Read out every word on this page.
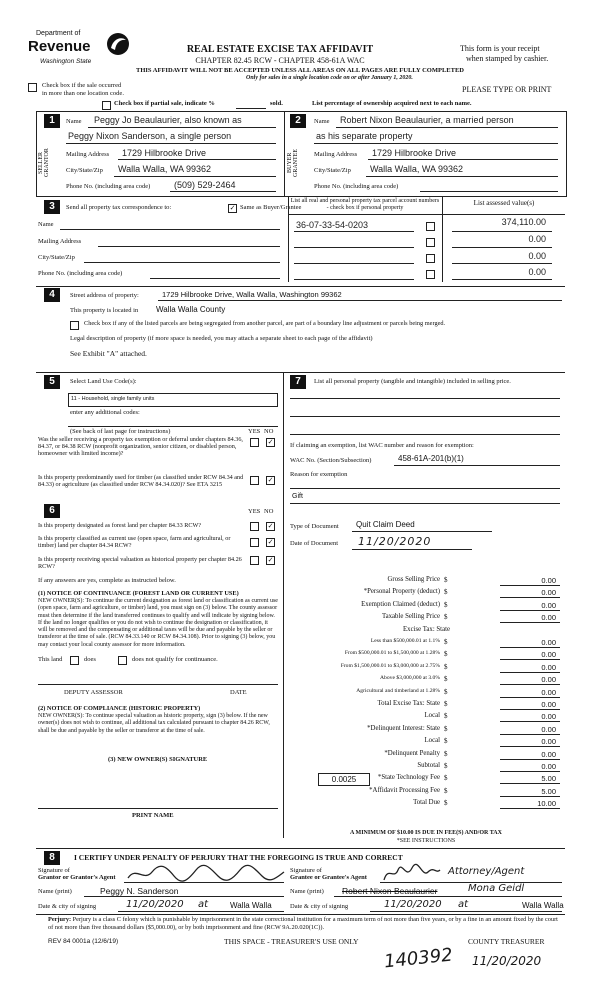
Department of
Revenue
Washington State
REAL ESTATE EXCISE TAX AFFIDAVIT
CHAPTER 82.45 RCW - CHAPTER 458-61A WAC
This form is your receipt
when stamped by cashier.
THIS AFFIDAVIT WILL NOT BE ACCEPTED UNLESS ALL AREAS ON ALL PAGES ARE FULLY COMPLETED
Only for sales in a single location code on or after January 1, 2020.
Check box if the sale occurred
in more than one location code.	PLEASE TYPE OR PRINT
Check box if partial sale, indicate %	sold.	List percentage of ownership acquired next to each name.
1
SELLER GRANTOR
Name Peggy Jo Beaulaurier, also known as
Peggy Nixon Sanderson, a single person
Mailing Address 1729 Hilbrooke Drive
City/State/Zip Walla Walla, WA 99362
Phone No. (including area code)	(509) 529-2464
2
BUYER GRANTEE
Name Robert Nixon Beaulaurier, a married person
as his separate property
Mailing Address 1729 Hilbrooke Drive
City/State/Zip Walla Walla, WA 99362
Phone No. (including area code)
3	Send all property tax correspondence to:	✓ Same as Buyer/Grantee
List all real and personal property tax parcel account numbers - check box if personal property
List assessed value(s)
Name
Mailing Address
City/State/Zip
Phone No. (including area code)
36-07-33-54-0203	374,110.00
0.00
0.00
0.00
4	Street address of property:	1729 Hilbrooke Drive, Walla Walla, Washington 99362
This property is located in Walla Walla County
Check box if any of the listed parcels are being segregated from another parcel, are part of a boundary line adjustment or parcels being merged.
Legal description of property (if more space is needed, you may attach a separate sheet to each page of the affidavit)
See Exhibit "A" attached.
5	Select Land Use Code(s):
11 - Household, single family units
enter any additional codes:
(See back of last page for instructions)	YES NO
Was the seller receiving a property tax exemption or deferral under chapters 84.36, 84.37, or 84.38 RCW (nonprofit organization, senior citizen, or disabled person, homeowner with limited income)?
✓
Is this property predominantly used for timber (as classified under RCW 84.34 and 84.33) or agriculture (as classified under RCW 84.34.020)? See ETA 3215
✓
6	YES NO
Is this property designated as forest land per chapter 84.33 RCW?	✓
Is this property classified as current use (open space, farm and agricultural, or timber) land per chapter 84.34 RCW?	✓
Is this property receiving special valuation as historical property per chapter 84.26 RCW?
✓
If any answers are yes, complete as instructed below.
(1) NOTICE OF CONTINUANCE (FOREST LAND OR CURRENT USE)
NEW OWNER(S): To continue the current designation as forest land or classification as current use (open space, farm and agriculture, or timber) land, you must sign on (3) below. The county assessor must then determine if the land transferred continues to qualify and will indicate by signing below. If the land no longer qualifies or you do not wish to continue the designation or classification, it will be removed and the compensating or additional taxes will be due and payable by the seller or transferor at the time of sale. (RCW 84.33.140 or RCW 84.34.108). Prior to signing (3) below, you may contact your local county assessor for more information.
This land	does	does not qualify for continuance.
DEPUTY ASSESSOR	DATE
(2) NOTICE OF COMPLIANCE (HISTORIC PROPERTY)
NEW OWNER(S): To continue special valuation as historic property, sign (3) below. If the new owner(s) does not wish to continue, all additional tax calculated pursuant to chapter 84.26 RCW, shall be due and payable by the seller or transferor at the time of sale.
(3) NEW OWNER(S) SIGNATURE
PRINT NAME
7	List all personal property (tangible and intangible) included in selling price.
If claiming an exemption, list WAC number and reason for exemption:
WAC No. (Section/Subsection)	458-61A-201(b)(1)
Reason for exemption
Gift
Type of Document Quit Claim Deed
Date of Document 11/20/2020
Gross Selling Price $	0.00
*Personal Property (deduct) $	0.00
Exemption Claimed (deduct) $	0.00
Taxable Selling Price $	0.00
Excise Tax: State
Less than $500,000.01 at 1.1% $	0.00
From $500,000.01 to $1,500,000 at 1.28% $	0.00
From $1,500,000.01 to $3,000,000 at 2.75% $	0.00
Above $3,000,000 at 3.0% $	0.00
Agricultural and timberland at 1.28% $	0.00
Total Excise Tax: State $	0.00
Local $	0.00
*Delinquent Interest: State $	0.00
Local $	0.00
*Delinquent Penalty $	0.00
Subtotal $	0.00
*State Technology Fee $	5.00
*Affidavit Processing Fee $	5.00
Total Due $	10.00
0.0025
A MINIMUM OF $10.00 IS DUE IN FEE(S) AND/OR TAX
*SEE INSTRUCTIONS
8	I CERTIFY UNDER PENALTY OF PERJURY THAT THE FOREGOING IS TRUE AND CORRECT
Signature of
Grantor or Grantor's Agent
Signature of
Grantee or Grantee's Agent
Attorney/Agent
Name (print)	Peggy N. Sanderson	Name (print) Robert Nixon Beaulaurier	Mona Geidl
Date & city of signing	11/20/2020 at	Walla Walla	Date & city of signing	11/20/2020 at	Walla Walla
Perjury: Perjury is a class C felony which is punishable by imprisonment in the state correctional institution for a maximum term of not more than five years, or by a fine in an amount fixed by the court of not more than five thousand dollars ($5,000.00), or by both imprisonment and fine (RCW 9A.20.020(1C)).
REV 84 0001a (12/6/19)	THIS SPACE - TREASURER'S USE ONLY	COUNTY TREASURER
140392 11/20/2020
